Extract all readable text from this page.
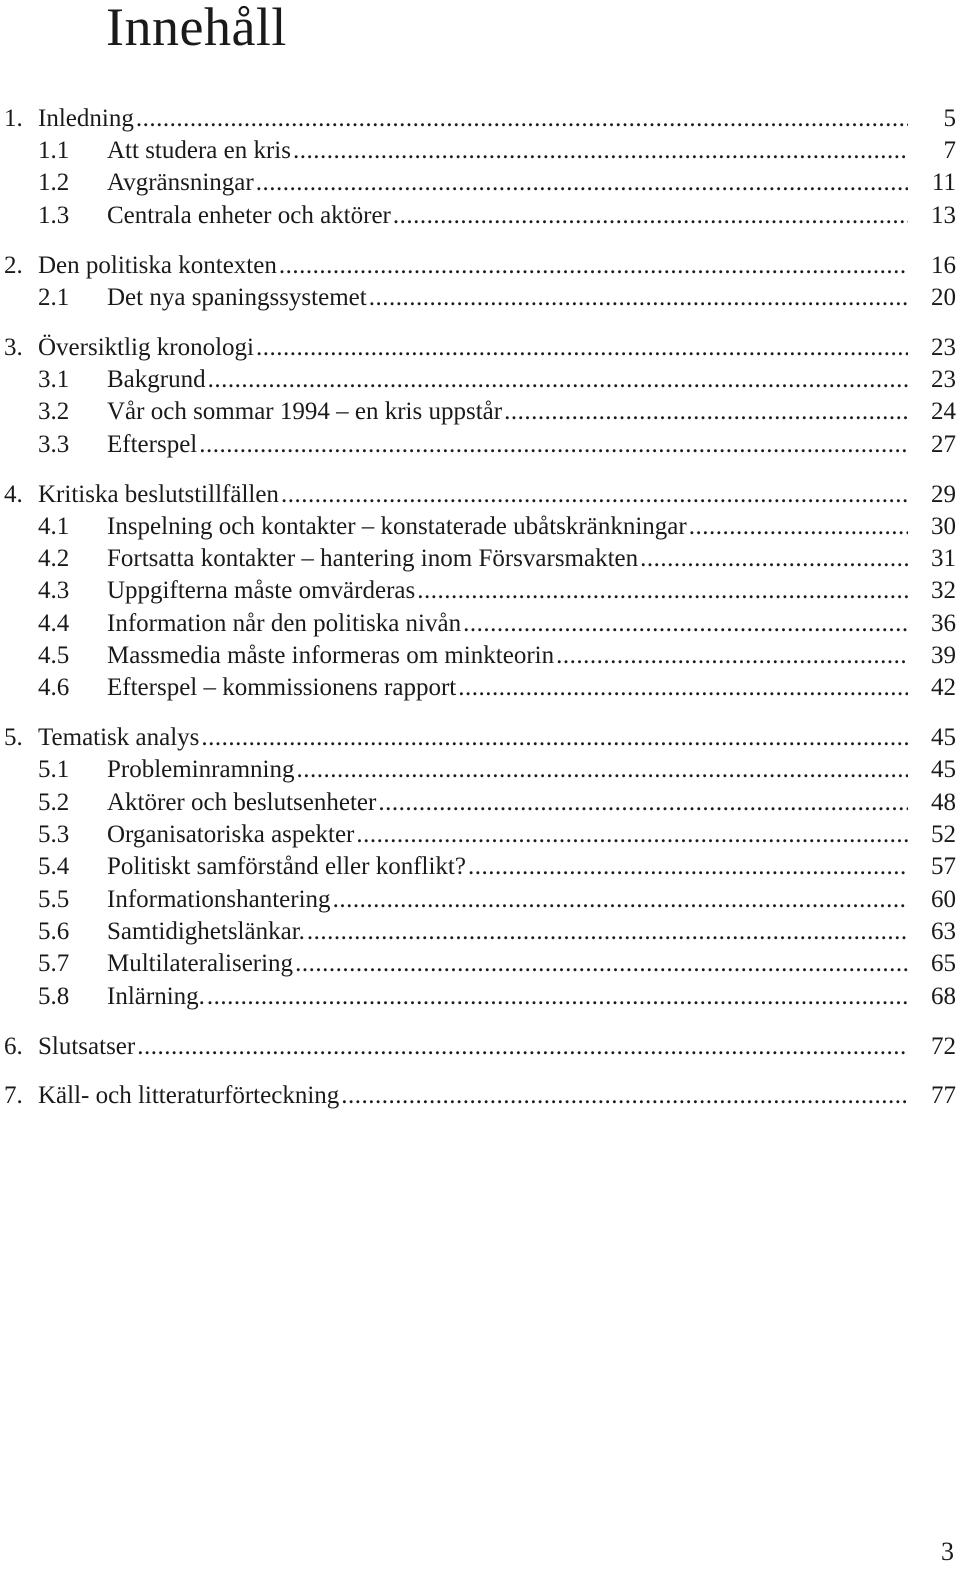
Innehåll
1. Inledning .....	5
1.1 Att studera en kris .....	7
1.2 Avgränsningar .....	11
1.3 Centrala enheter och aktörer .....	13
2. Den politiska kontexten .....	16
2.1 Det nya spaningssystemet .....	20
3. Översiktlig kronologi .....	23
3.1 Bakgrund .....	23
3.2 Vår och sommar 1994 – en kris uppstår .....	24
3.3 Efterspel .....	27
4. Kritiska beslutstillfällen .....	29
4.1 Inspelning och kontakter – konstaterade ubåtskränkningar .....	30
4.2 Fortsatta kontakter – hantering inom Försvarsmakten .....	31
4.3 Uppgifterna måste omvärderas .....	32
4.4 Information når den politiska nivån .....	36
4.5 Massmedia måste informeras om minkteorin .....	39
4.6 Efterspel – kommissionens rapport .....	42
5. Tematisk analys .....	45
5.1 Probleminramning .....	45
5.2 Aktörer och beslutsenheter .....	48
5.3 Organisatoriska aspekter .....	52
5.4 Politiskt samförstånd eller konflikt? .....	57
5.5 Informationshantering .....	60
5.6 Samtidighetslänkar. .....	63
5.7 Multilateralisering .....	65
5.8 Inlärning. .....	68
6. Slutsatser .....	72
7. Käll- och litteraturförteckning .....	77
3
